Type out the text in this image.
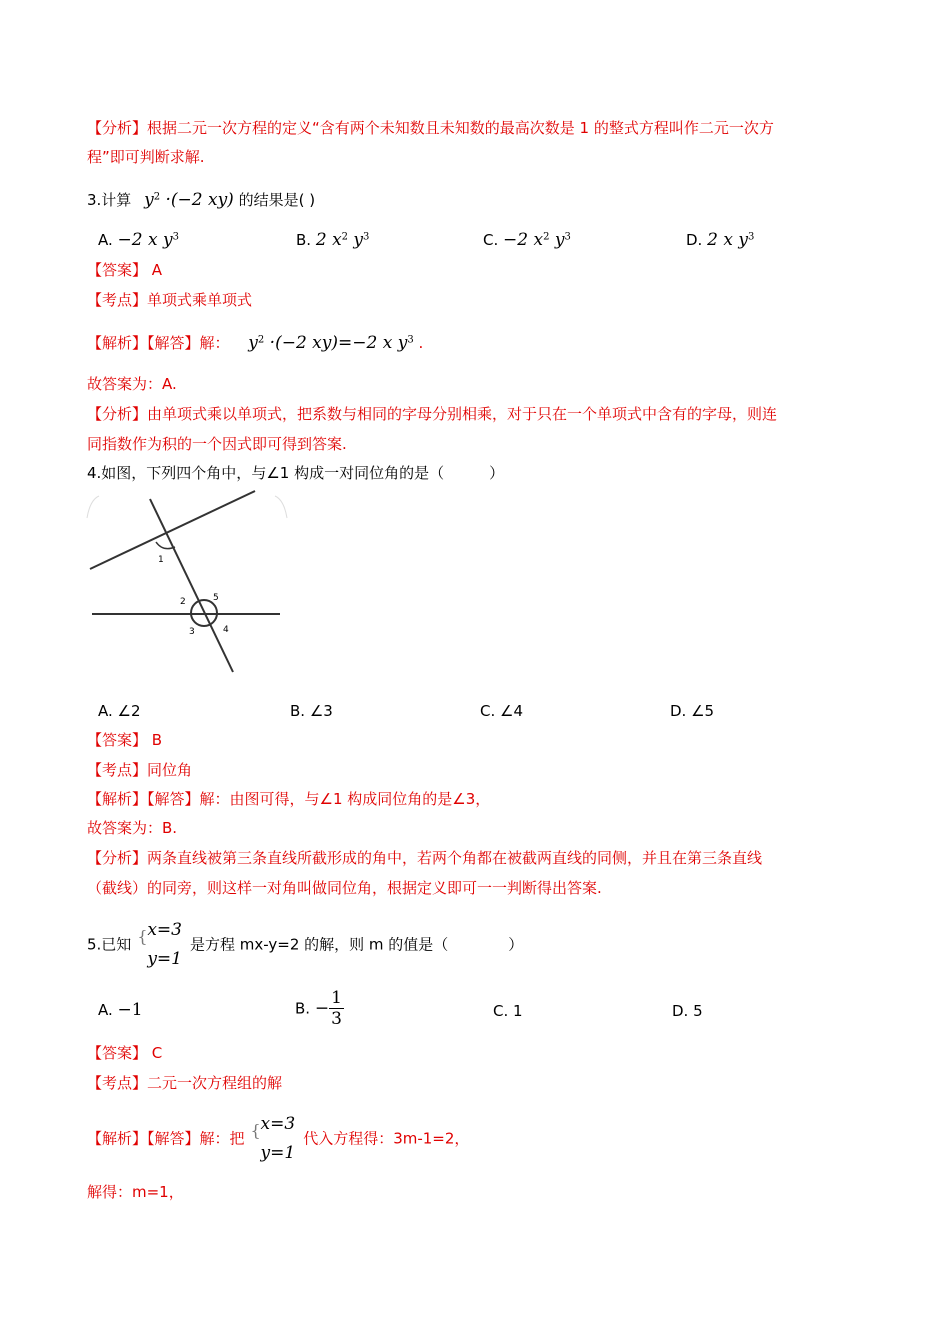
【分析】根据二元一次方程的定义“含有两个未知数且未知数的最高次数是 1 的整式方程叫作二元一次方
程”即可判断求解.
3.计算 $y^2 \cdot(-2$ xy) 的结果是( )
A. −2 x $y^3$	B. 2 $x^2$ $y^3$	C. −2 $x^2$ $y^3$	D. 2 x $y^3$
【答案】 A
【考点】单项式乘单项式
【解析】【解答】解： $y^2 \cdot(-2$ xy)=−2 x $y^3$ .
故答案为：A.
【分析】由单项式乘以单项式，把系数与相同的字母分别相乘，对于只在一个单项式中含有的字母，则连
同指数作为积的一个因式即可得到答案.
4.如图，下列四个角中，与∠1 构成一对同位角的是（　　　）
1
2	5
3	4
A. ∠2	B. ∠3	C. ∠4	D. ∠5
【答案】 B
【考点】同位角
【解析】【解答】解：由图可得，与∠1 构成同位角的是∠3，
故答案为：B.
【分析】两条直线被第三条直线所截形成的角中，若两个角都在被截两直线的同侧，并且在第三条直线
（截线）的同旁，则这样一对角叫做同位角，根据定义即可一一判断得出答案.
5.已知 { x=3
y=1
是方程 mx-y=2 的解，则 m 的值是（　　　　）
A. −1	B. − $\frac{1}{3}$	C. 1	D. 5
【答案】 C
【考点】二元一次方程组的解
【解析】【解答】解：把 { x=3
y=1
代入方程得：3m-1=2，
解得：m=1，
